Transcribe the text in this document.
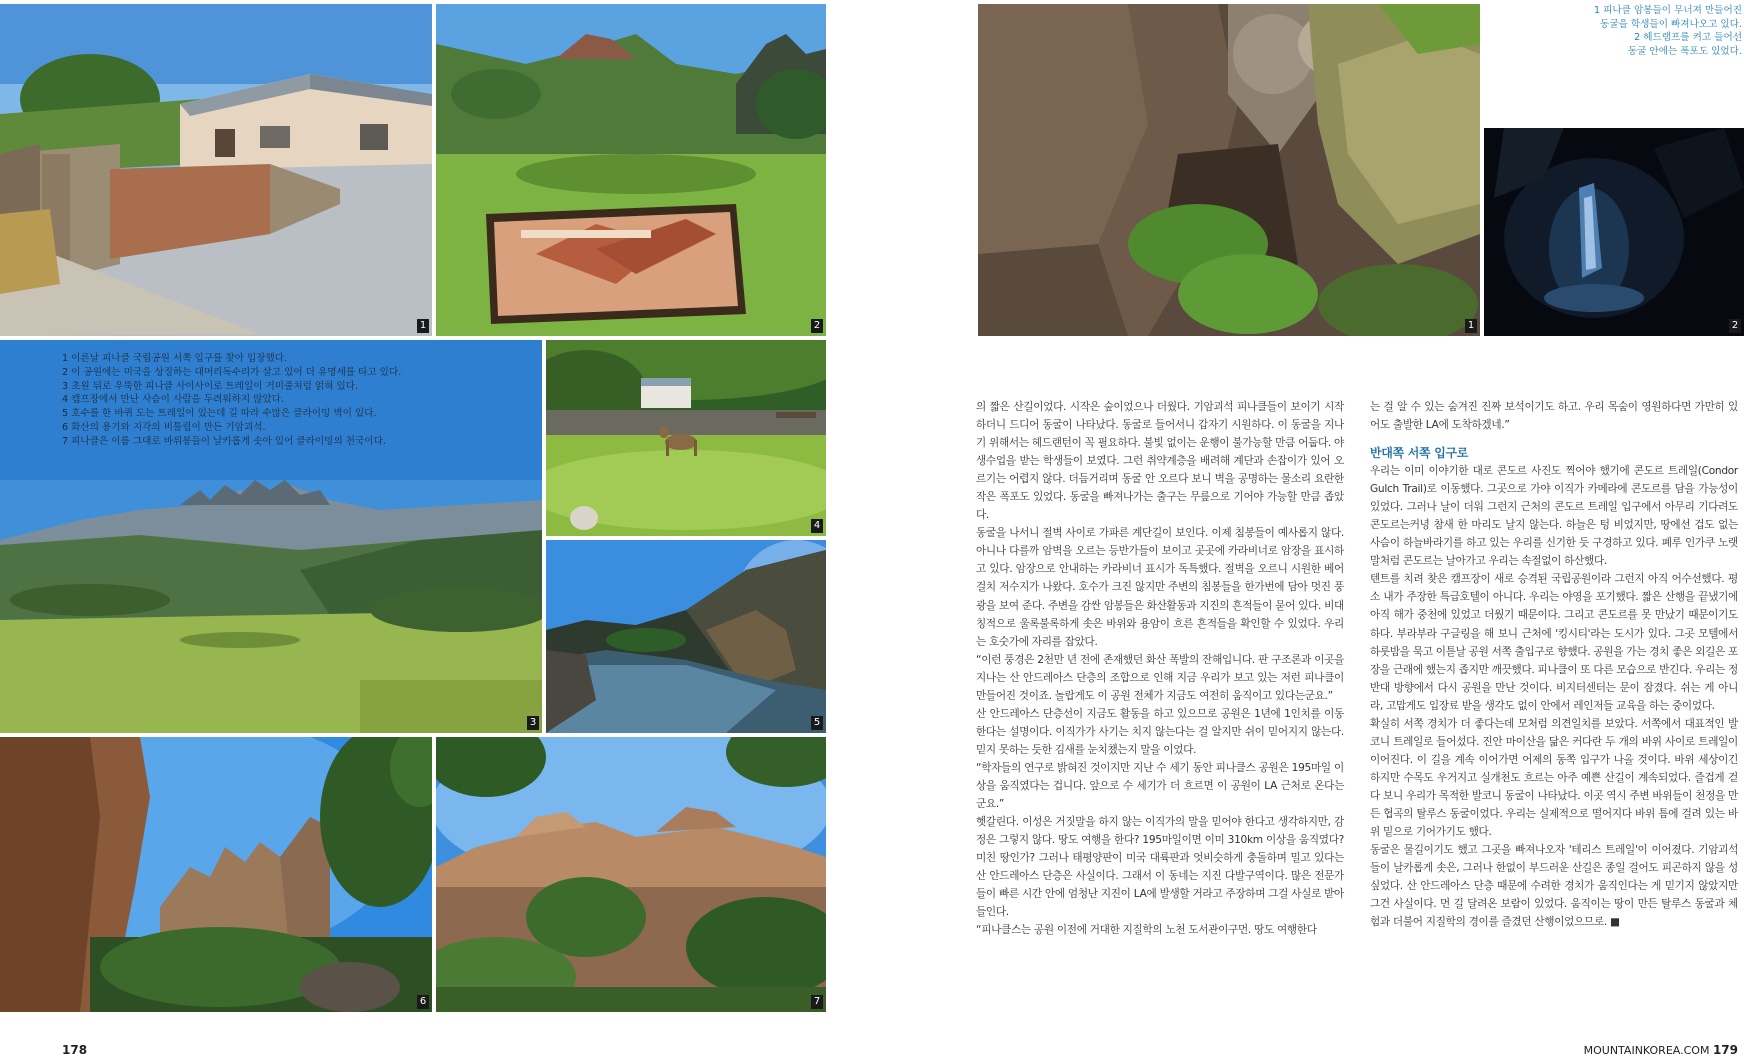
1	2
3
4
5
6	7
1 이른날 피나클 국립공원 서쪽 입구를 찾아 입장했다.
2 이 공원에는 미국을 상징하는 대머리독수리가 살고 있어 더 유명세를 타고 있다.
3 초원 뒤로 우뚝한 피나클 사이사이로 트레일이 거미줄처럼 얽혀 있다.
4 캠프장에서 만난 사슴이 사람을 두려워하지 않았다.
5 호수를 한 바퀴 도는 트레일이 있는데 길 따라 수많은 클라이밍 벽이 있다.
6 화산의 용기와 지각의 비틀림이 만든 기암괴석.
7 피나클은 이름 그대로 바위봉들이 날카롭게 솟아 있어 클라이밍의 천국이다.
178
1	2
1 피나클 암봉들이 무너져 만들어진
동굴을 학생들이 빠져나오고 있다.
2 헤드램프를 켜고 들어선
동굴 안에는 폭포도 있었다.

의 짧은 산길이었다. 시작은 숲이었으나 더웠다. 기암괴석 피나클들이 보이기 시작하더니 드디어 동굴이 나타났다. 동굴로 들어서니 갑자기 시원하다. 이 동굴을 지나기 위해서는 헤드랜턴이 꼭 필요하다. 불빛 없이는 운행이 불가능할 만큼 어둡다. 야생수업을 받는 학생들이 보였다. 그런 취약계층을 배려해 계단과 손잡이가 있어 오르기는 어렵지 않다. 더듬거리며 동굴 안 오르다 보니 벽을 공명하는 물소리 요란한 작은 폭포도 있었다. 동굴을 빠져나가는 출구는 무릎으로 기어야 가능할 만큼 좁았다.

동굴을 나서니 절벽 사이로 가파른 계단길이 보인다. 이제 침봉들이 예사롭지 않다. 아니나 다를까 암벽을 오르는 등반가들이 보이고 곳곳에 카라비너로 암장을 표시하고 있다. 암장으로 안내하는 카라비너 표시가 독특했다. 절벽을 오르니 시원한 베어걸치 저수지가 나왔다. 호수가 크진 않지만 주변의 침봉들을 한가번에 담아 멋진 풍광을 보여 준다. 주변을 감싼 암봉들은 화산활동과 지진의 흔적들이 묻어 있다. 비대칭적으로 울록불록하게 솟은 바위와 용암이 흐른 흔적들을 확인할 수 있었다. 우리는 호숫가에 자리를 잡았다.

“이런 풍경은 2천만 년 전에 존재했던 화산 폭발의 잔해입니다. 판 구조론과 이곳을 지나는 산 안드레아스 단층의 조합으로 인해 지금 우리가 보고 있는 저런 피나클이 만들어진 것이죠. 놀랍게도 이 공원 전체가 지금도 여전히 움직이고 있다는군요.”

산 안드레아스 단층선이 지금도 활동을 하고 있으므로 공원은 1년에 1인치를 이동한다는 설명이다. 이직가가 사기는 치지 않는다는 걸 알지만 쉬이 믿어지지 않는다. 믿지 못하는 듯한 김새를 눈치챘는지 말을 이었다.

“학자들의 연구로 밝혀진 것이지만 지난 수 세기 동안 피나클스 공원은 195마일 이상을 움직였다는 겁니다. 앞으로 수 세기가 더 흐르면 이 공원이 LA 근처로 온다는군요.”

헷갈린다. 이성은 거짓말을 하지 않는 이직가의 말을 믿어야 한다고 생각하지만, 감정은 그렇지 않다. 땅도 여행을 한다? 195마일이면 이미 310km 이상을 움직였다? 미친 땅인가? 그러나 태평양판이 미국 대륙판과 엇비슷하게 충돌하며 밀고 있다는 산 안드레아스 단층은 사실이다. 그래서 이 동네는 지진 다발구역이다. 많은 전문가들이 빠른 시간 안에 엄청난 지진이 LA에 발생할 거라고 주장하며 그걸 사실로 받아들인다.

“피나클스는 공원 이전에 거대한 지질학의 노천 도서관이구먼. 땅도 여행한다

는 걸 알 수 있는 숨겨진 진짜 보석이기도 하고. 우리 목숨이 영원하다면 가만히 있어도 출발한 LA에 도착하겠네.”

반대쪽 서쪽 입구로

우리는 이미 이야기한 대로 콘도르 사진도 찍어야 했기에 콘도르 트레일(Condor Gulch Trail)로 이동했다. 그곳으로 가야 이직가 카메라에 콘도르를 담을 가능성이 있었다. 그러나 날이 더워 그런지 근처의 콘도르 트레일 입구에서 아무리 기다려도 콘도르는커녕 참새 한 마리도 날지 않는다. 하늘은 텅 비었지만, 땅에선 겁도 없는 사슴이 하늘바라기를 하고 있는 우리를 신기한 듯 구경하고 있다. 폐루 인가쿠 노랫말처럼 콘도르는 날아가고 우리는 속절없이 하산했다.

텐트를 치려 찾은 캠프장이 새로 승격된 국립공원이라 그런지 아직 어수선했다. 평소 내가 주장한 특급호텔이 아니다. 우리는 야영을 포기했다. 짧은 산행을 끝냈기에 아직 해가 중천에 있었고 더웠기 때문이다. 그리고 콘도르를 못 만났기 때문이기도 하다. 부라부라 구글링을 해 보니 근처에 '킹시티'라는 도시가 있다. 그곳 모텔에서 하룻밤을 묵고 이튿날 공원 서쪽 출입구로 향했다. 공원을 가는 경치 좋은 외길은 포장을 근래에 했는지 좁지만 깨끗했다. 피나클이 또 다른 모습으로 반긴다. 우리는 정반대 방향에서 다시 공원을 만난 것이다. 비지터센터는 문이 잠겼다. 쉬는 게 아니라, 고맙게도 입장료 받을 생각도 없이 안에서 레인저들 교육을 하는 중이었다.

확실히 서쪽 경치가 더 좋다는데 모처럼 의견일치를 보았다. 서쪽에서 대표적인 발코니 트레일로 들어섰다. 진안 마이산을 닮은 커다란 두 개의 바위 사이로 트레일이 이어진다. 이 길을 계속 이어가면 어제의 동쪽 입구가 나올 것이다. 바위 세상이긴 하지만 수목도 우거지고 실개천도 흐르는 아주 예쁜 산길이 계속되었다. 즐겁게 걷다 보니 우리가 목적한 발코니 동굴이 나타났다. 이곳 역시 주변 바위들이 천정을 만든 협곡의 탈루스 동굴이었다. 우리는 실제적으로 떨어지다 바위 틈에 걸려 있는 바위 밑으로 기어가기도 했다.

동굴은 물길이기도 했고 그곳을 빠져나오자 '테리스 트레일'이 이어졌다. 기암괴석들이 날카롭게 솟은, 그러나 한없이 부드러운 산길은 종일 걸어도 피곤하지 않을 성싶었다. 산 안드레아스 단층 때문에 수려한 경치가 움직인다는 게 믿기지 않았지만 그건 사실이다. 먼 길 달려온 보람이 있었다. 움직이는 땅이 만든 탈루스 동굴과 체험과 더불어 지질학의 경이를 즐겼던 산행이었으므로. ■

MOUNTAINKOREA.COM 179
